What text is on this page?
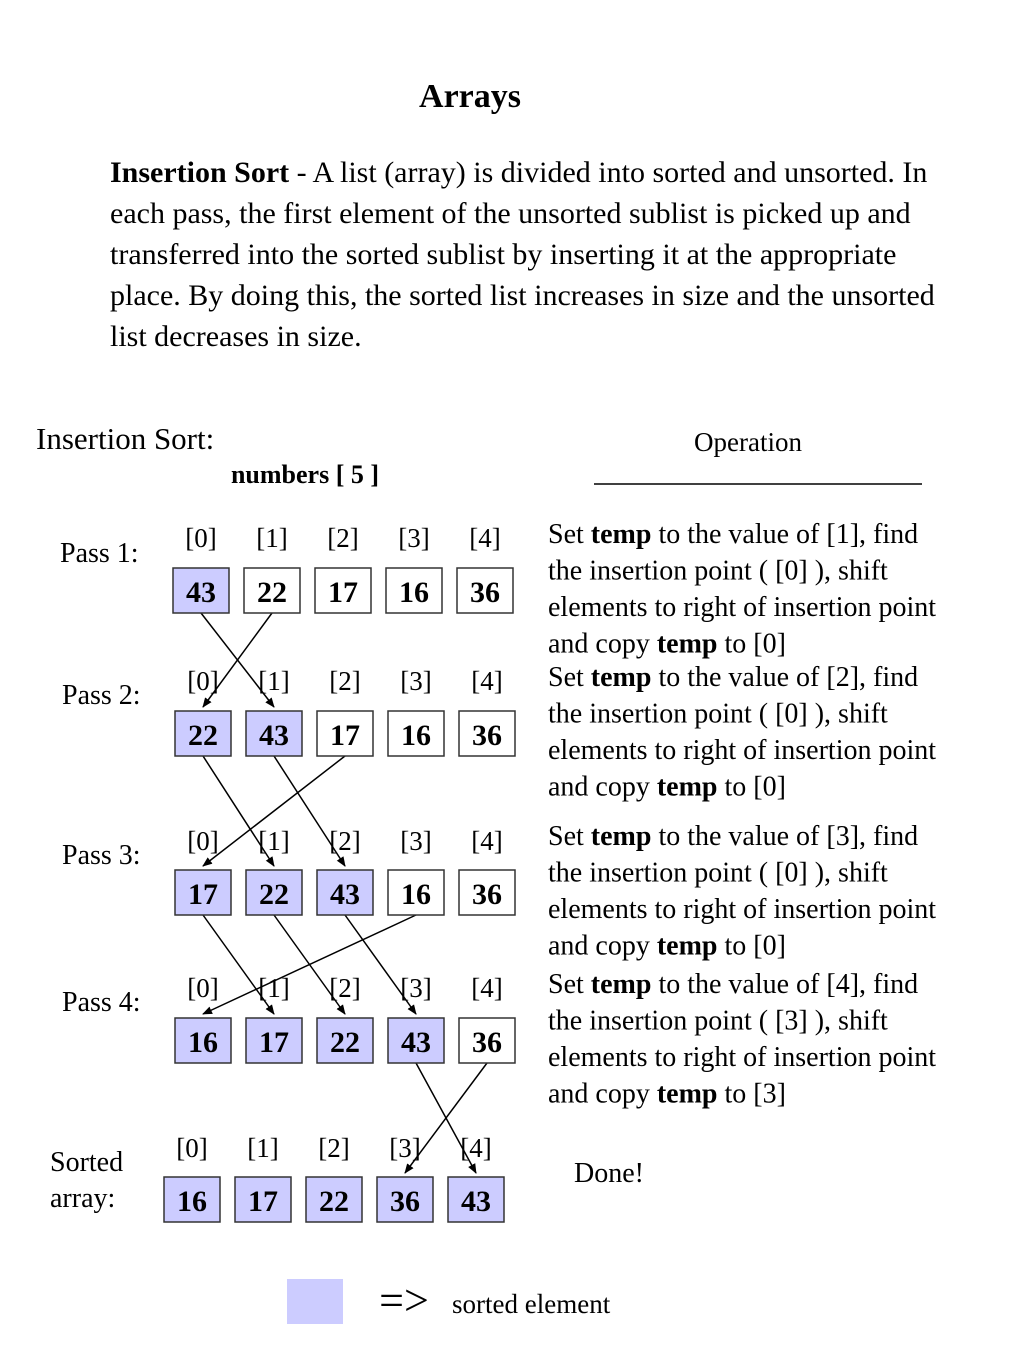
Arrays
Insertion Sort - A list (array) is divided into sorted and unsorted. In each pass, the first element of the unsorted sublist is picked up and transferred into the sorted sublist by inserting it at the appropriate place. By doing this, the sorted list increases in size and the unsorted list decreases in size.
Insertion Sort:
numbers [ 5 ]
Operation
Pass 1: [0] [1] [2] [3] [4]
43 22 17 16 36
Set temp to the value of [1], find
the insertion point ( [0] ), shift
elements to right of insertion point
and copy temp to [0]
Pass 2: [0] [1] [2] [3] [4]
22 43 17 16 36
Set temp to the value of [2], find
the insertion point ( [0] ), shift
elements to right of insertion point
and copy temp to [0]
Pass 3: [0] [1] [2] [3] [4]
17 22 43 16 36
Set temp to the value of [3], find
the insertion point ( [0] ), shift
elements to right of insertion point
and copy temp to [0]
Pass 4: [0] [1] [2] [3] [4]
16 17 22 43 36
Set temp to the value of [4], find
the insertion point ( [3] ), shift
elements to right of insertion point
and copy temp to [3]
Sorted
array:
[0] [1] [2] [3] [4]
16 17 22 36 43
Done!
=> sorted element
